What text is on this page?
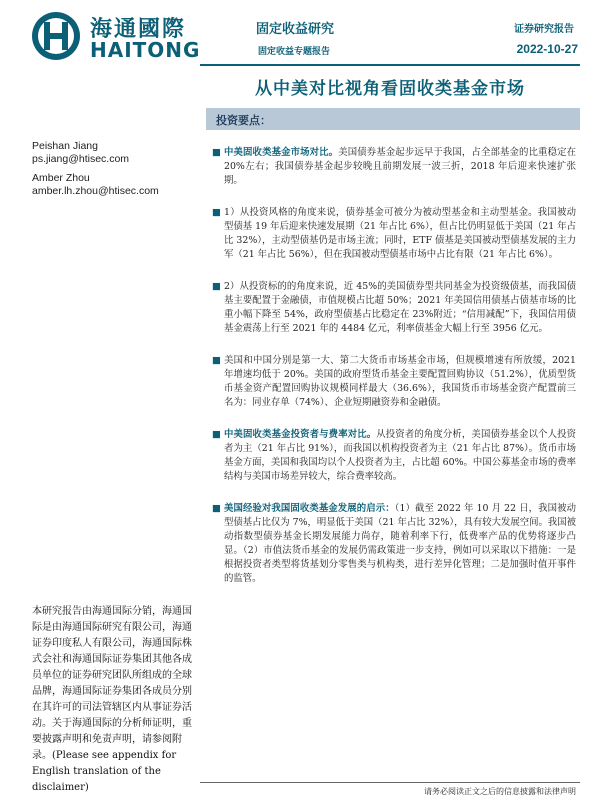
海通國際
HAITONG
固定收益研究
固定收益专题报告
证券研究报告
2022-10-27
从中美对比视角看固收类基金市场
Peishan Jiang
ps.jiang@htisec.com
Amber Zhou
amber.lh.zhou@htisec.com
投资要点：
■ 中美固收类基金市场对比。美国债券基金起步远早于我国，占全部基金的比重稳定在 20%左右；我国债券基金起步较晚且前期发展一波三折，2018 年后迎来快速扩张期。
■ 1）从投资风格的角度来说，债券基金可被分为被动型基金和主动型基金。我国被动型债基 19 年后迎来快速发展期（21 年占比 6%），但占比仍明显低于美国（21 年占比 32%），主动型债基仍是市场主流；同时，ETF 债基是美国被动型债基发展的主力军（21 年占比 56%），但在我国被动型债基市场中占比有限（21 年占比 6%）。
■ 2）从投资标的的角度来说，近 45%的美国债券型共同基金为投资级债基，而我国债基主要配置于金融债，市值规模占比超 50%；2021 年美国信用债基占债基市场的比重小幅下降至 54%，政府型债基占比稳定在 23%附近；“信用减配”下，我国信用债基金震荡上行至 2021 年的 4484 亿元，利率债基金大幅上行至 3956 亿元。
■ 美国和中国分别是第一大、第二大货币市场基金市场，但规模增速有所放缓，2021 年增速均低于 20%。美国的政府型货币基金主要配置回购协议（51.2%），优质型货币基金资产配置回购协议规模同样最大（36.6%），我国货币市场基金资产配置前三名为：同业存单（74%）、企业短期融资券和金融债。
■ 中美固收类基金投资者与费率对比。从投资者的角度分析，美国债券基金以个人投资者为主（21 年占比 91%），而我国以机构投资者为主（21 年占比 87%）。货币市场基金方面，美国和我国均以个人投资者为主，占比超 60%。中国公募基金市场的费率结构与美国市场差异较大，综合费率较高。
■ 美国经验对我国固收类基金发展的启示：（1）截至 2022 年 10 月 22 日，我国被动型债基占比仅为 7%，明显低于美国（21 年占比 32%），具有较大发展空间。我国被动指数型债券基金长期发展能力尚存，随着利率下行，低费率产品的优势将逐步凸显。（2）市值法货币基金的发展仍需政策进一步支持，例如可以采取以下措施：一是根据投资者类型将货基划分零售类与机构类，进行差异化管理；二是加强时值开事件的监管。
本研究报告由海通国际分销，海通国际是由海通国际研究有限公司，海通证券印度私人有限公司，海通国际株式会社和海通国际证券集团其他各成员单位的证券研究团队所组成的全球品牌，海通国际证券集团各成员分别在其许可的司法管辖区内从事证券活动。关于海通国际的分析师证明，重要披露声明和免责声明，请参阅附录。(Please see appendix for English translation of the disclaimer)	请务必阅读正文之后的信息披露和法律声明
